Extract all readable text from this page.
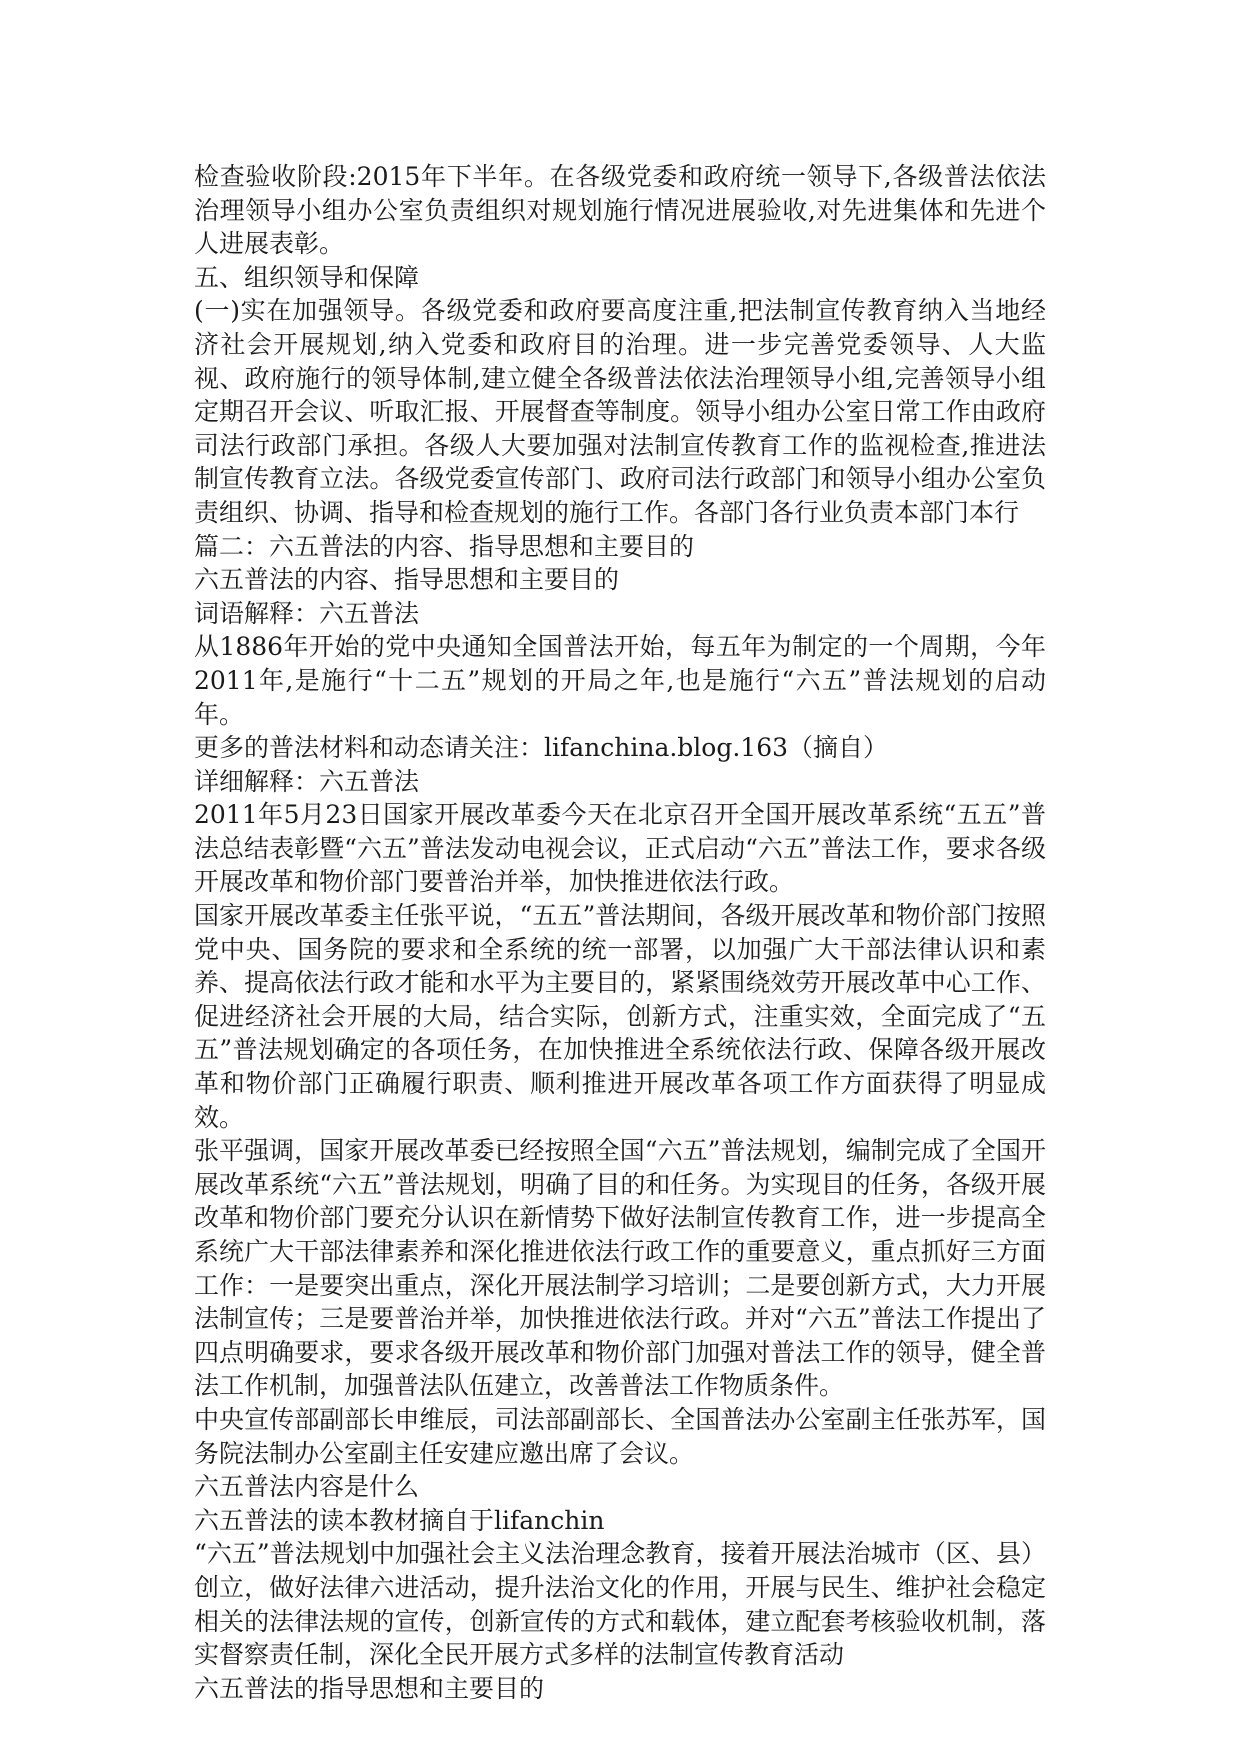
检查验收阶段:2015年下半年。在各级党委和政府统一领导下,各级普法依法治理领导小组办公室负责组织对规划施行情况进展验收,对先进集体和先进个人进展表彰。

五、组织领导和保障

(一)实在加强领导。各级党委和政府要高度注重,把法制宣传教育纳入当地经济社会开展规划,纳入党委和政府目的治理。进一步完善党委领导、人大监视、政府施行的领导体制,建立健全各级普法依法治理领导小组,完善领导小组定期召开会议、听取汇报、开展督查等制度。领导小组办公室日常工作由政府司法行政部门承担。各级人大要加强对法制宣传教育工作的监视检查,推进法制宣传教育立法。各级党委宣传部门、政府司法行政部门和领导小组办公室负责组织、协调、指导和检查规划的施行工作。各部门各行业负责本部门本行

篇二：六五普法的内容、指导思想和主要目的

六五普法的内容、指导思想和主要目的

词语解释：六五普法

从1886年开始的党中央通知全国普法开始，每五年为制定的一个周期，今年2011年,是施行“十二五”规划的开局之年,也是施行“六五”普法规划的启动年。

更多的普法材料和动态请关注：lifanchina.blog.163（摘自）

详细解释：六五普法

2011年5月23日国家开展改革委今天在北京召开全国开展改革系统“五五”普法总结表彰暨“六五”普法发动电视会议，正式启动“六五”普法工作，要求各级开展改革和物价部门要普治并举，加快推进依法行政。

国家开展改革委主任张平说，“五五”普法期间，各级开展改革和物价部门按照党中央、国务院的要求和全系统的统一部署，以加强广大干部法律认识和素养、提高依法行政才能和水平为主要目的，紧紧围绕效劳开展改革中心工作、促进经济社会开展的大局，结合实际，创新方式，注重实效，全面完成了“五五”普法规划确定的各项任务，在加快推进全系统依法行政、保障各级开展改革和物价部门正确履行职责、顺利推进开展改革各项工作方面获得了明显成效。

张平强调，国家开展改革委已经按照全国“六五”普法规划，编制完成了全国开展改革系统“六五”普法规划，明确了目的和任务。为实现目的任务，各级开展改革和物价部门要充分认识在新情势下做好法制宣传教育工作，进一步提高全系统广大干部法律素养和深化推进依法行政工作的重要意义，重点抓好三方面工作：一是要突出重点，深化开展法制学习培训；二是要创新方式，大力开展法制宣传；三是要普治并举，加快推进依法行政。并对“六五”普法工作提出了四点明确要求，要求各级开展改革和物价部门加强对普法工作的领导，健全普法工作机制，加强普法队伍建立，改善普法工作物质条件。

中央宣传部副部长申维辰，司法部副部长、全国普法办公室副主任张苏军，国务院法制办公室副主任安建应邀出席了会议。

六五普法内容是什么

六五普法的读本教材摘自于lifanchin

“六五”普法规划中加强社会主义法治理念教育，接着开展法治城市（区、县）创立，做好法律六进活动，提升法治文化的作用，开展与民生、维护社会稳定相关的法律法规的宣传，创新宣传的方式和载体，建立配套考核验收机制，落实督察责任制，深化全民开展方式多样的法制宣传教育活动

六五普法的指导思想和主要目的
